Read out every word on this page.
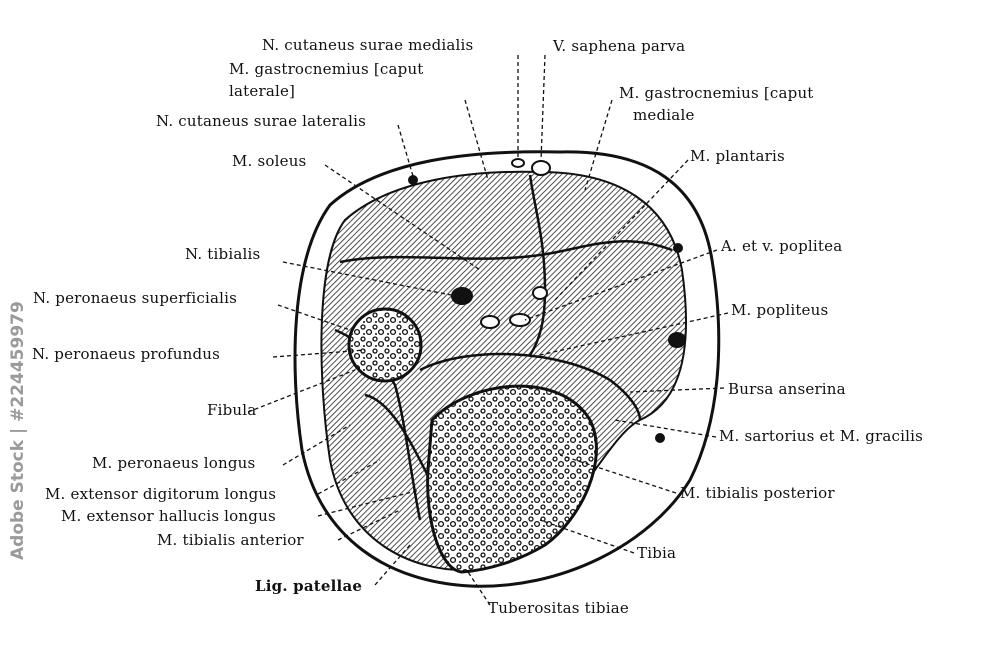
Adobe Stock | #224459979
N. cutaneus surae medialis	V. saphena parva
M. gastrocnemius [caput
laterale]
N. cutaneus surae lateralis
M. gastrocnemius [caput
mediale
M. soleus	M. plantaris
N. tibialis	A. et v. poplitea
N. peronaeus superficialis
M. popliteus
N. peronaeus profundus
Bursa anserina
Fibula
M. sartorius et M. gracilis
M. peronaeus longus
M. extensor digitorum longus	M. tibialis posterior
M. extensor hallucis longus
M. tibialis anterior
Tibia
Lig. patellae
Tuberositas tibiae
